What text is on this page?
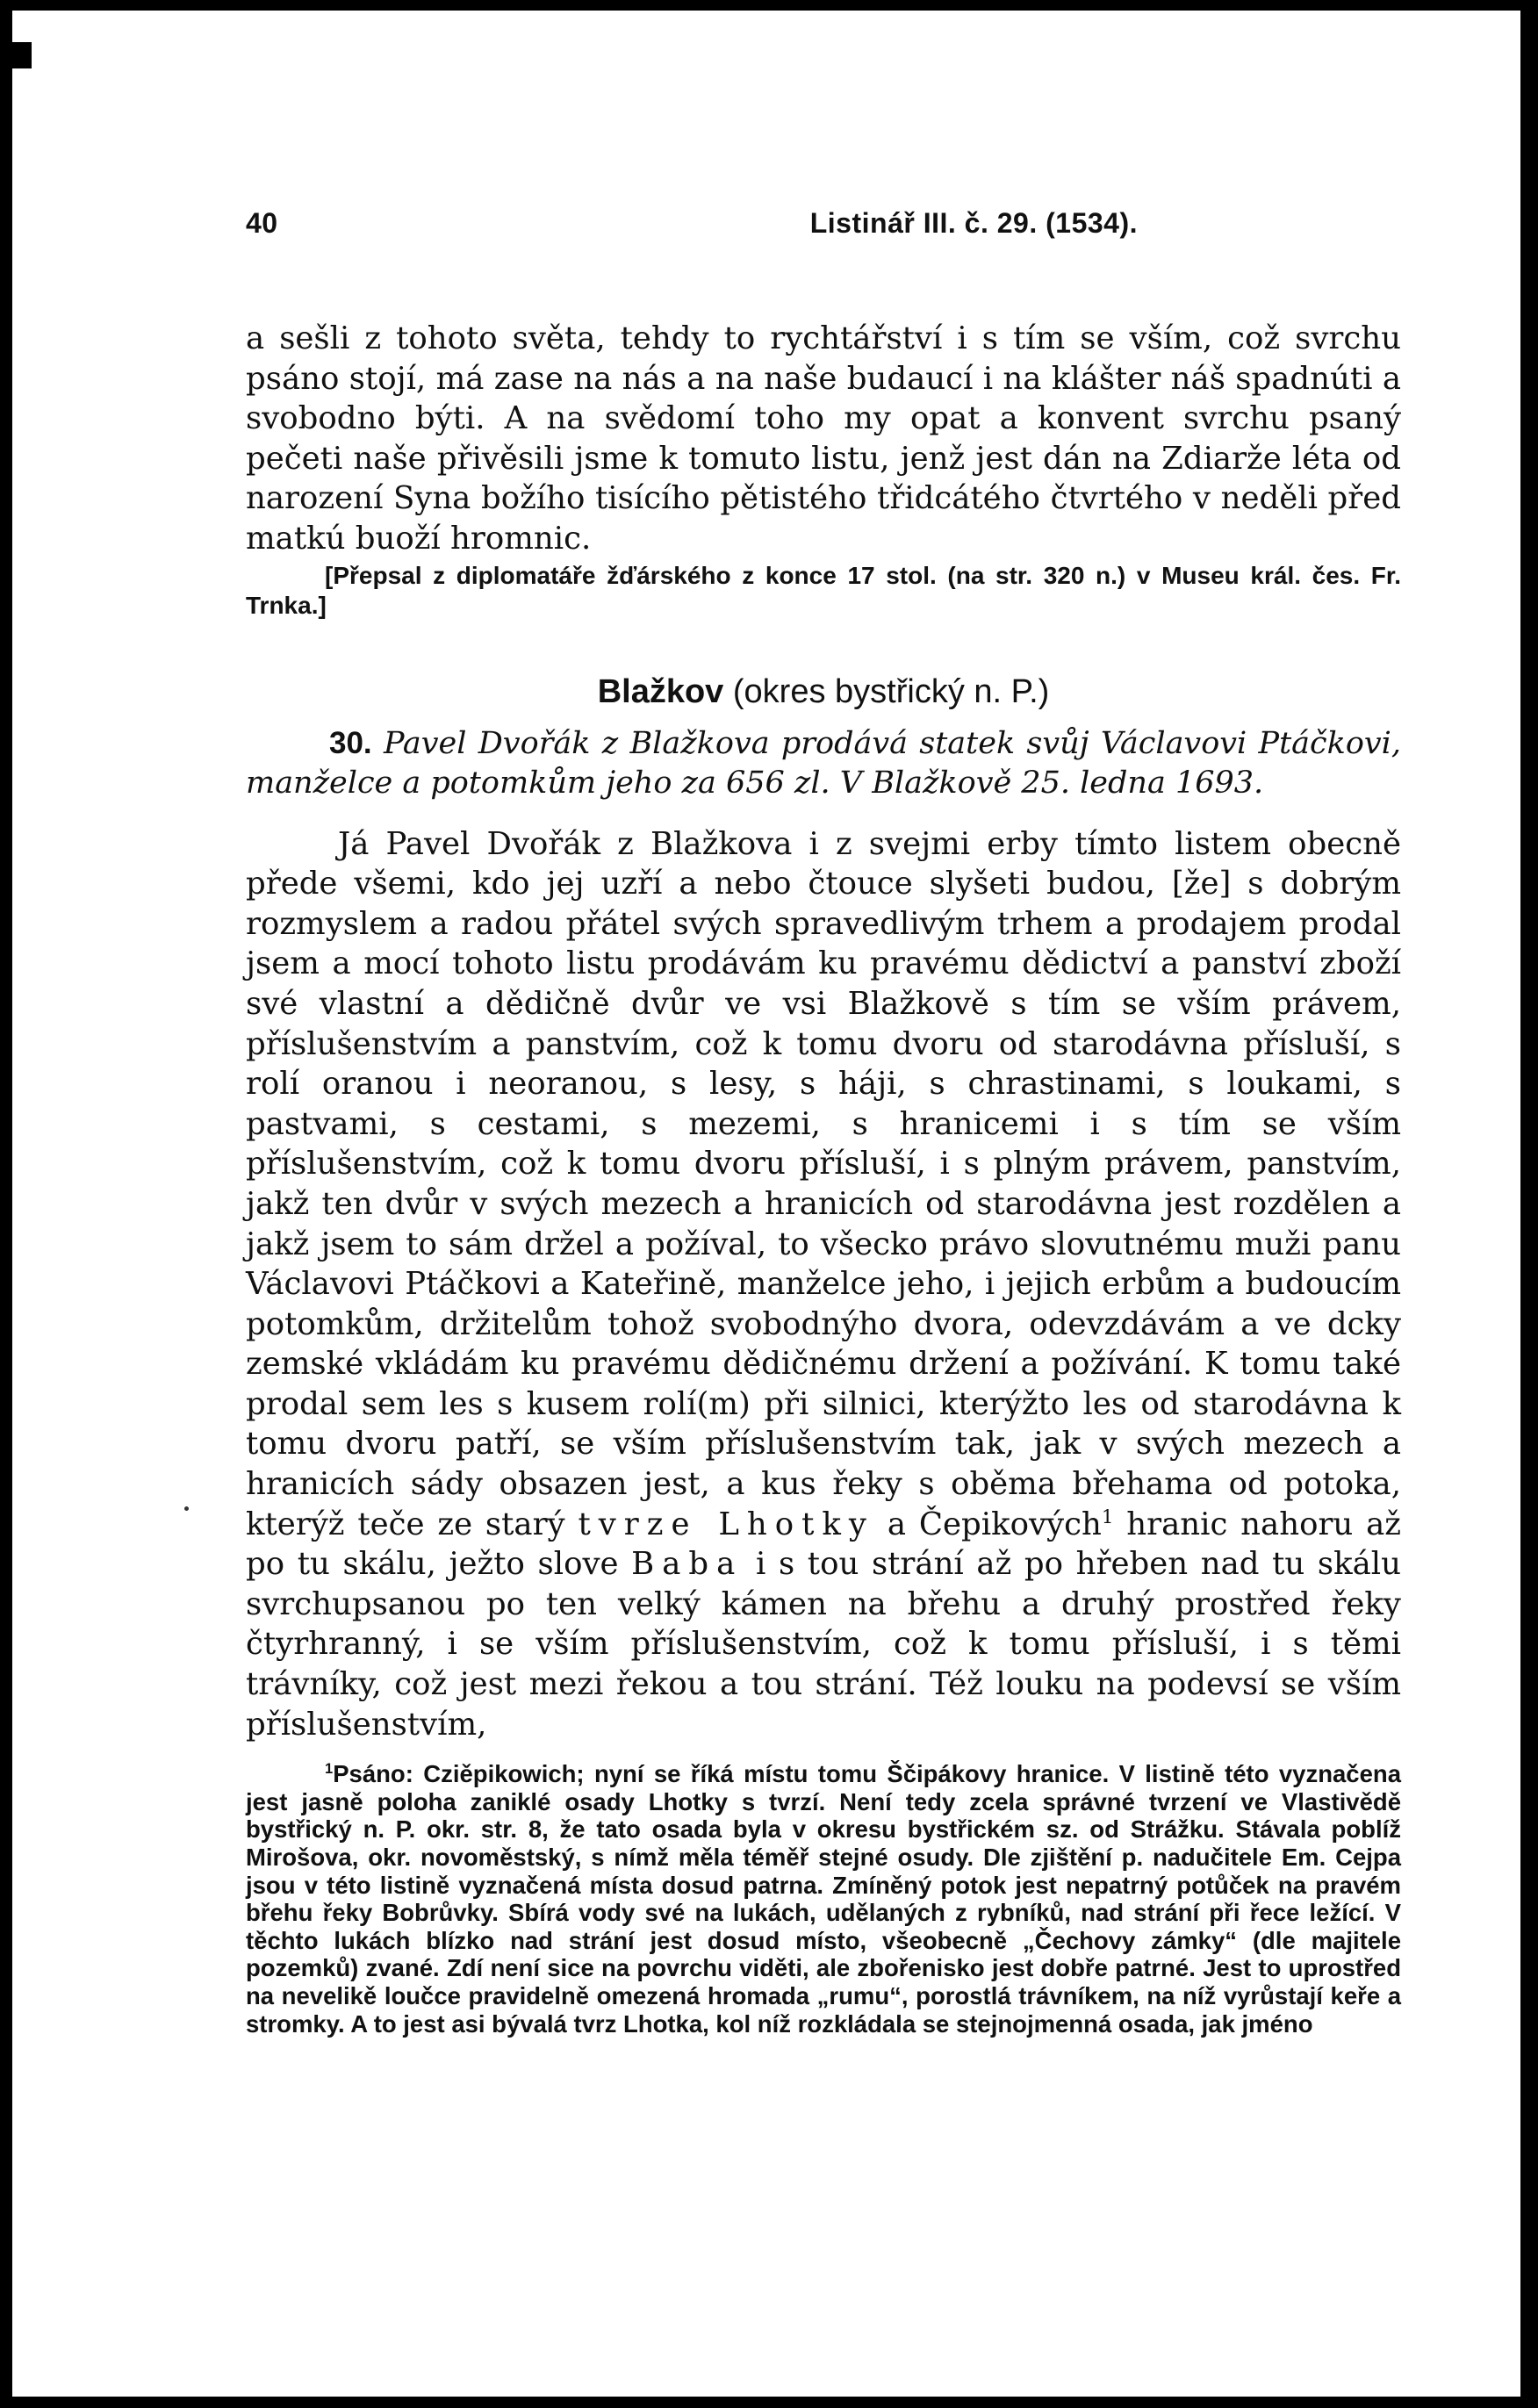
40	Listinář III. č. 29. (1534).

a sešli z tohoto světa, tehdy to rychtářství i s tím se vším, což svrchu psáno stojí, má zase na nás a na naše budaucí i na klášter náš spadnúti a svobodno býti. A na svědomí toho my opat a konvent svrchu psaný pečeti naše přivěsili jsme k tomuto listu, jenž jest dán na Zdiarže léta od narození Syna božího tisícího pětistého třidcátého čtvrtého v neděli před matkú buoží hromnic.

[Přepsal z diplomatáře žďárského z konce 17 stol. (na str. 320 n.) v Museu král. čes. Fr. Trnka.]

Blažkov (okres bystřický n. P.)

30. Pavel Dvořák z Blažkova prodává statek svůj Václavovi Ptáčkovi, manželce a potomkům jeho za 656 zl. V Blažkově 25. ledna 1693.

Já Pavel Dvořák z Blažkova i z svejmi erby tímto listem obecně přede všemi, kdo jej uzří a nebo čtouce slyšeti budou, [že] s dobrým rozmyslem a radou přátel svých spravedlivým trhem a prodajem prodal jsem a mocí tohoto listu prodávám ku pravému dědictví a panství zboží své vlastní a dědičně dvůr ve vsi Blažkově s tím se vším právem, příslušenstvím a panstvím, což k tomu dvoru od starodávna přísluší, s rolí oranou i neoranou, s lesy, s háji, s chrastinami, s loukami, s pastvami, s cestami, s mezemi, s hranicemi i s tím se vším příslušenstvím, což k tomu dvoru přísluší, i s plným právem, panstvím, jakž ten dvůr v svých mezech a hranicích od starodávna jest rozdělen a jakž jsem to sám držel a požíval, to všecko právo slovutnému muži panu Václavovi Ptáčkovi a Kateřině, manželce jeho, i jejich erbům a budoucím potomkům, držitelům tohož svobodnýho dvora, odevzdávám a ve dcky zemské vkládám ku pravému dědičnému držení a požívání. K tomu také prodal sem les s kusem rolí(m) při silnici, kterýžto les od starodávna k tomu dvoru patří, se vším příslušenstvím tak, jak v svých mezech a hranicích sády obsazen jest, a kus řeky s oběma břehama od potoka, kterýž teče ze starý tvrze Lhotky a Čepikových$^1$ hranic nahoru až po tu skálu, ježto slove Baba i s tou strání až po hřeben nad tu skálu svrchupsanou po ten velký kámen na břehu a druhý prostřed řeky čtyrhranný, i se vším příslušenstvím, což k tomu přísluší, i s těmi trávníky, což jest mezi řekou a tou strání. Též louku na podevsí se vším příslušenstvím,

$^1$Psáno: Cziěpikowich; nyní se říká místu tomu Ščipákovy hranice. V listině této vyznačena jest jasně poloha zaniklé osady Lhotky s tvrzí. Není tedy zcela správné tvrzení ve Vlastivědě bystřický n. P. okr. str. 8, že tato osada byla v okresu bystřickém sz. od Strážku. Stávala poblíž Mirošova, okr. novoměstský, s nímž měla téměř stejné osudy. Dle zjištění p. nadučitele Em. Cejpa jsou v této listině vyznačená místa dosud patrna. Zmíněný potok jest nepatrný potůček na pravém břehu řeky Bobrůvky. Sbírá vody své na lukách, udělaných z rybníků, nad strání při řece ležící. V těchto lukách blízko nad strání jest dosud místo, všeobecně „Čechovy zámky“ (dle majitele pozemků) zvané. Zdí není sice na povrchu viděti, ale zbořenisko jest dobře patrné. Jest to uprostřed na nevelikě loučce pravidelně omezená hromada „rumu“, porostlá trávníkem, na níž vyrůstají keře a stromky. A to jest asi bývalá tvrz Lhotka, kol níž rozkládala se stejnojmenná osada, jak jméno
